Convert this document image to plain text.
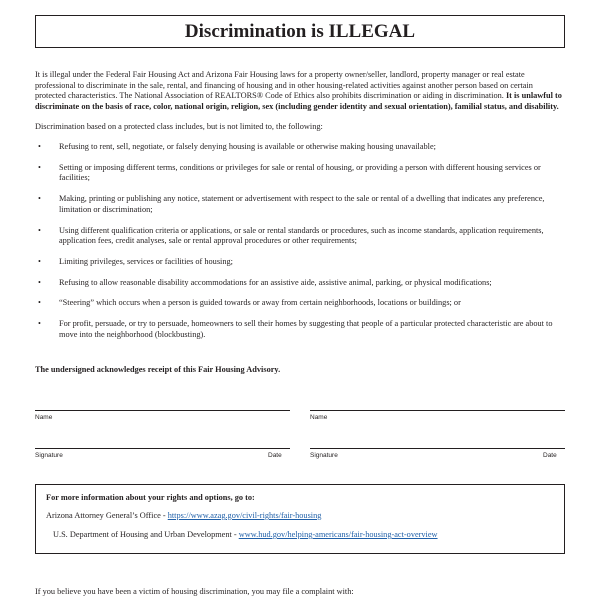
Discrimination is ILLEGAL

It is illegal under the Federal Fair Housing Act and Arizona Fair Housing laws for a property owner/seller, landlord, property manager or real estate professional to discriminate in the sale, rental, and financing of housing and in other housing-related activities against another person based on certain protected characteristics. The National Association of REALTORS® Code of Ethics also prohibits discrimination or aiding in discrimination. It is unlawful to discriminate on the basis of race, color, national origin, religion, sex (including gender identity and sexual orientation), familial status, and disability.

Discrimination based on a protected class includes, but is not limited to, the following:

• Refusing to rent, sell, negotiate, or falsely denying housing is available or otherwise making housing unavailable;
• Setting or imposing different terms, conditions or privileges for sale or rental of housing, or providing a person with different housing services or facilities;
• Making, printing or publishing any notice, statement or advertisement with respect to the sale or rental of a dwelling that indicates any preference, limitation or discrimination;
• Using different qualification criteria or applications, or sale or rental standards or procedures, such as income standards, application requirements, application fees, credit analyses, sale or rental approval procedures or other requirements;
• Limiting privileges, services or facilities of housing;
• Refusing to allow reasonable disability accommodations for an assistive aide, assistive animal, parking, or physical modifications;
• “Steering” which occurs when a person is guided towards or away from certain neighborhoods, locations or buildings; or
• For profit, persuade, or try to persuade, homeowners to sell their homes by suggesting that people of a particular protected characteristic are about to move into the neighborhood (blockbusting).
The undersigned acknowledges receipt of this Fair Housing Advisory.
Name
Signature	Date
Name
Signature	Date
For more information about your rights and options, go to:
Arizona Attorney General’s Office - https://www.azag.gov/civil-rights/fair-housing
U.S. Department of Housing and Urban Development - www.hud.gov/helping-americans/fair-housing-act-overview
If you believe you have been a victim of housing discrimination, you may file a complaint with:
